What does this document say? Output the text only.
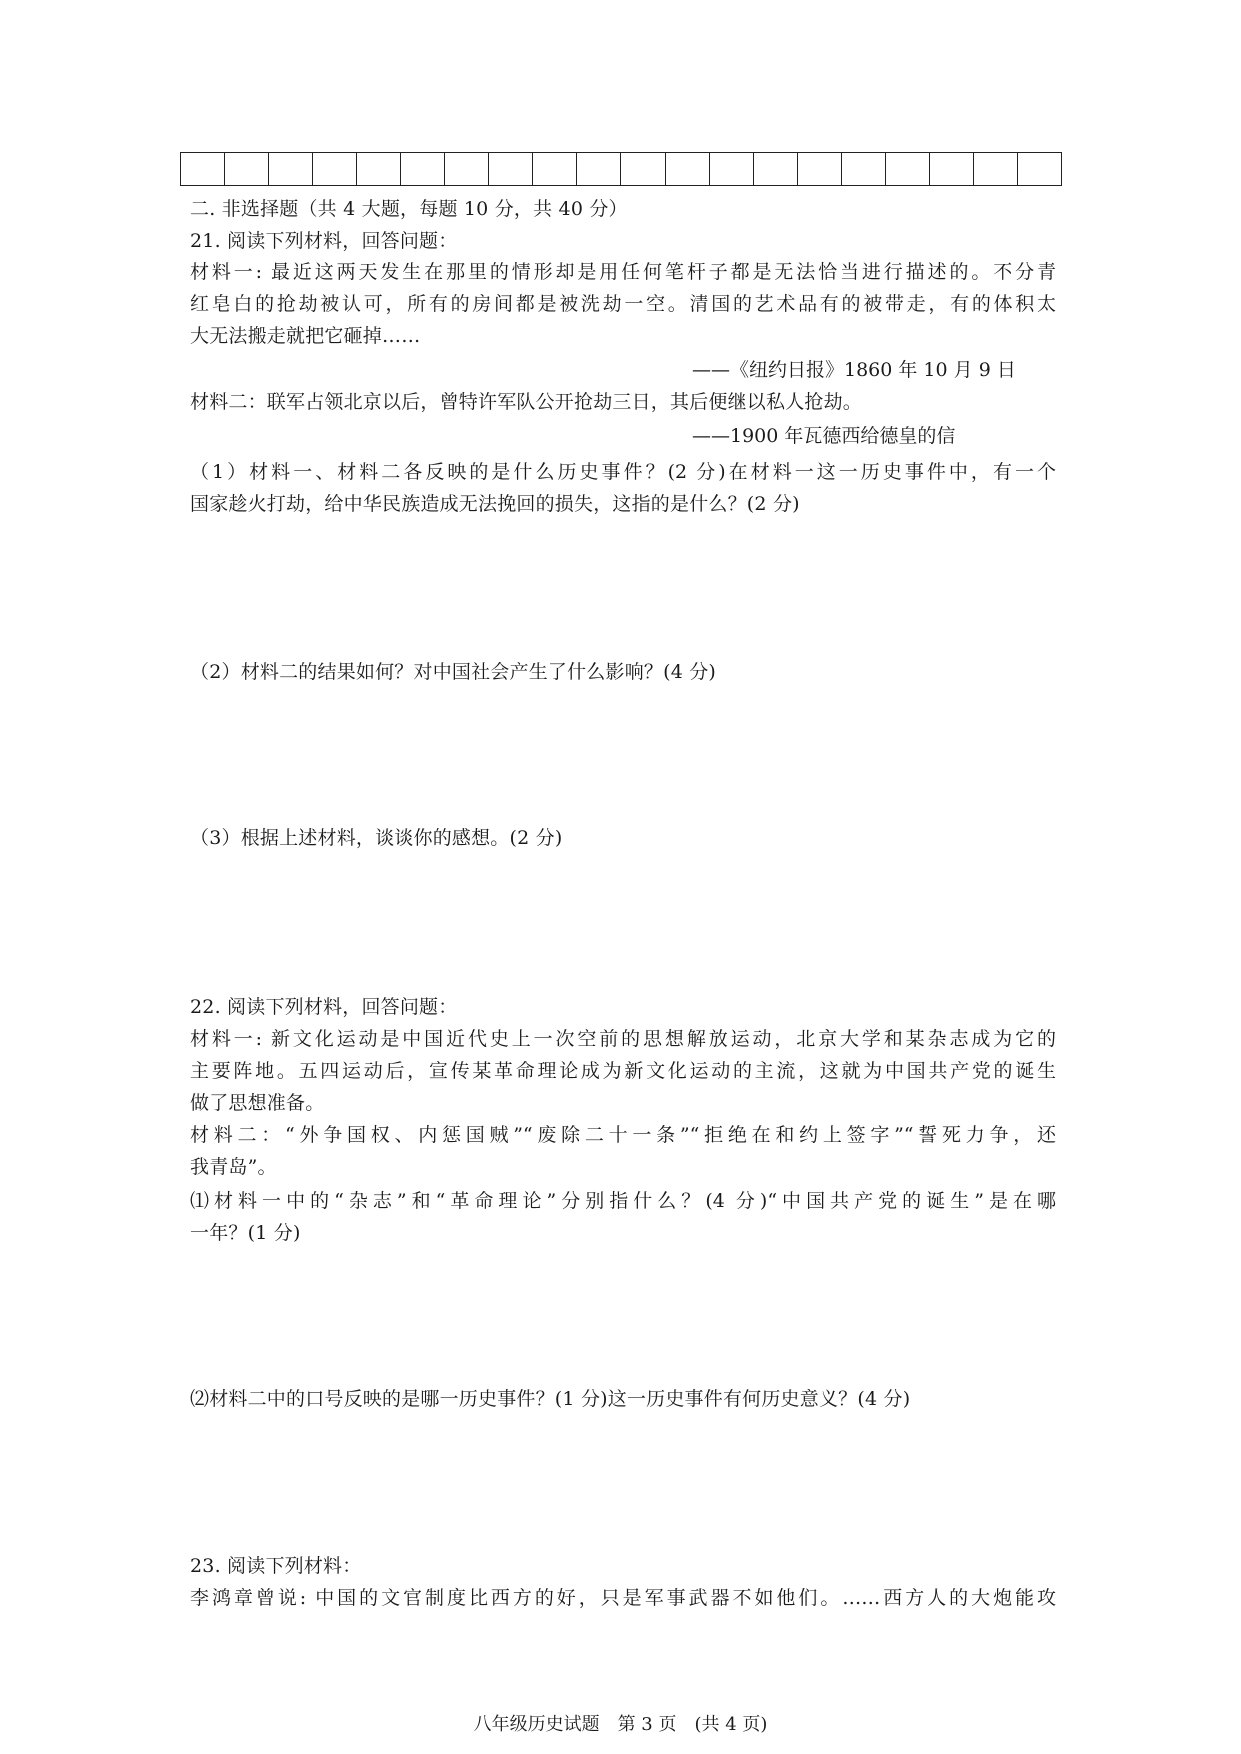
二. 非选择题（共 4 大题，每题 10 分，共 40 分）
21. 阅读下列材料，回答问题：
材料一: 最近这两天发生在那里的情形却是用任何笔杆子都是无法恰当进行描述的。不分青
红皂白的抢劫被认可，所有的房间都是被洗劫一空。清国的艺术品有的被带走，有的体积太
大无法搬走就把它砸掉……
——《纽约日报》1860 年 10 月 9 日
材料二：联军占领北京以后，曾特许军队公开抢劫三日，其后便继以私人抢劫。
——1900 年瓦德西给德皇的信
（1）材料一、材料二各反映的是什么历史事件？(2 分)在材料一这一历史事件中，有一个
国家趁火打劫，给中华民族造成无法挽回的损失，这指的是什么？(2 分)
（2）材料二的结果如何？对中国社会产生了什么影响？(4 分)
（3）根据上述材料，谈谈你的感想。(2 分)
22. 阅读下列材料，回答问题：
材料一: 新文化运动是中国近代史上一次空前的思想解放运动，北京大学和某杂志成为它的
主要阵地。五四运动后，宣传某革命理论成为新文化运动的主流，这就为中国共产党的诞生
做了思想准备。
材料二：“外争国权、内惩国贼”“废除二十一条”“拒绝在和约上签字”“誓死力争，还
我青岛”。
⑴材料一中的“杂志”和“革命理论”分别指什么？(4 分)“中国共产党的诞生”是在哪
一年？(1 分)
⑵材料二中的口号反映的是哪一历史事件？(1 分)这一历史事件有何历史意义？(4 分)
23. 阅读下列材料：
李鸿章曾说: 中国的文官制度比西方的好，只是军事武器不如他们。……西方人的大炮能攻
八年级历史试题　第 3 页　(共 4 页)
